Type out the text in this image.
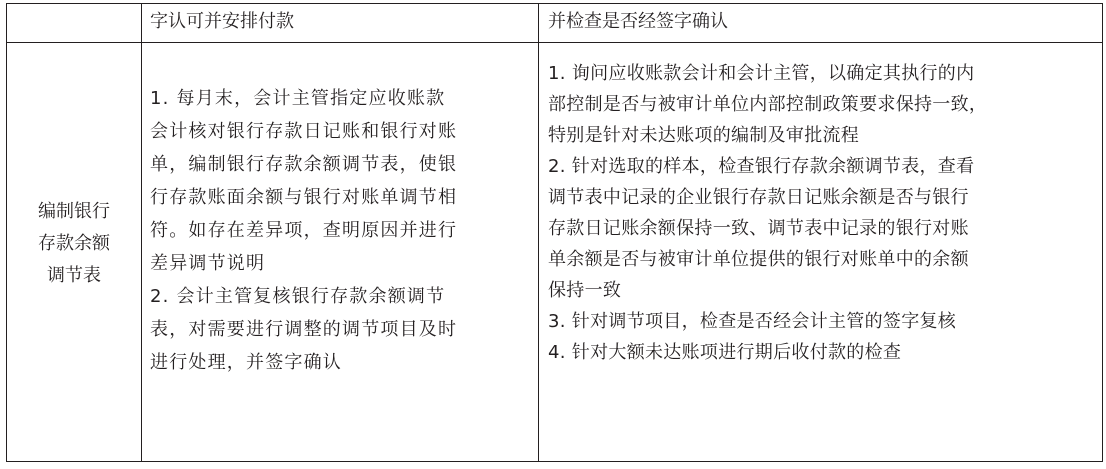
字认可并安排付款	并检查是否经签字确认
编制银行
存款余额
调节表
1. 每月末，会计主管指定应收账款
会计核对银行存款日记账和银行对账
单，编制银行存款余额调节表，使银
行存款账面余额与银行对账单调节相
符。如存在差异项，查明原因并进行
差异调节说明
2. 会计主管复核银行存款余额调节
表，对需要进行调整的调节项目及时
进行处理，并签字确认
1. 询问应收账款会计和会计主管，以确定其执行的内
部控制是否与被审计单位内部控制政策要求保持一致，
特别是针对未达账项的编制及审批流程
2. 针对选取的样本，检查银行存款余额调节表，查看
调节表中记录的企业银行存款日记账余额是否与银行
存款日记账余额保持一致、调节表中记录的银行对账
单余额是否与被审计单位提供的银行对账单中的余额
保持一致
3. 针对调节项目，检查是否经会计主管的签字复核
4. 针对大额未达账项进行期后收付款的检查
